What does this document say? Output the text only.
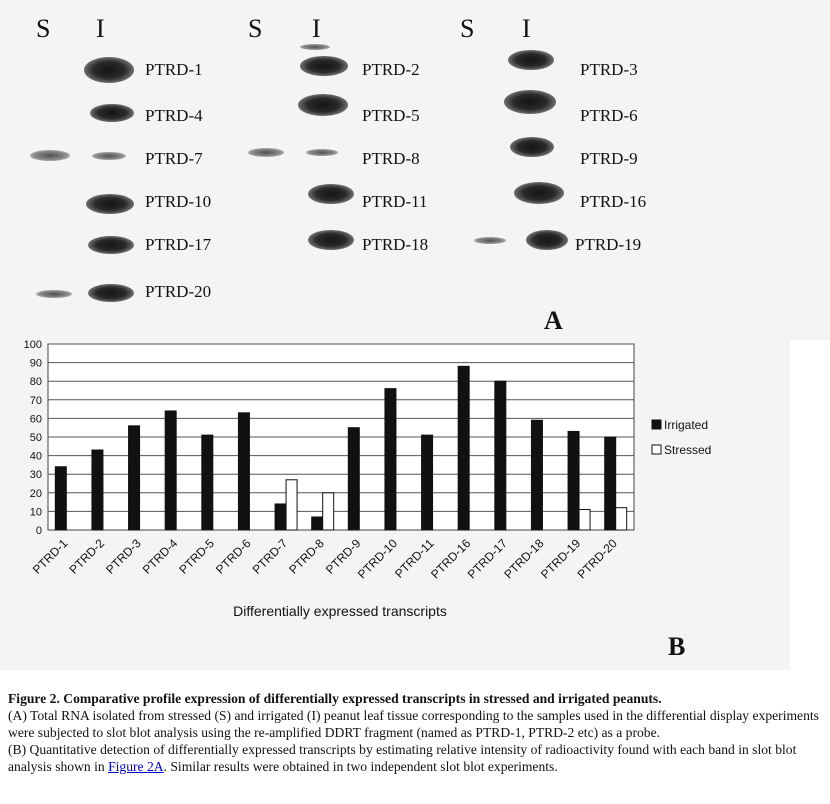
S I
PTRD-1
PTRD-4
PTRD-7
PTRD-10
PTRD-17
PTRD-20
S I
PTRD-2
PTRD-5
PTRD-8
PTRD-11
PTRD-18
S I
PTRD-3
PTRD-6
PTRD-9
PTRD-16
PTRD-19
A
0
10
20
30
40
50
60
70
80
90
100
PTRD-1
PTRD-2
PTRD-3
PTRD-4
PTRD-5
PTRD-6
PTRD-7
PTRD-8
PTRD-9
PTRD-10
PTRD-11
PTRD-16
PTRD-17
PTRD-18
PTRD-19
PTRD-20
Irrigated
Stressed
Differentially expressed transcripts
B

Figure 2. Comparative profile expression of differentially expressed transcripts in stressed and irrigated peanuts.

(A) Total RNA isolated from stressed (S) and irrigated (I) peanut leaf tissue corresponding to the samples used in the differential display experiments were subjected to slot blot analysis using the re-amplified DDRT fragment (named as PTRD-1, PTRD-2 etc) as a probe.

(B) Quantitative detection of differentially expressed transcripts by estimating relative intensity of radioactivity found with each band in slot blot analysis shown in Figure 2A. Similar results were obtained in two independent slot blot experiments.
